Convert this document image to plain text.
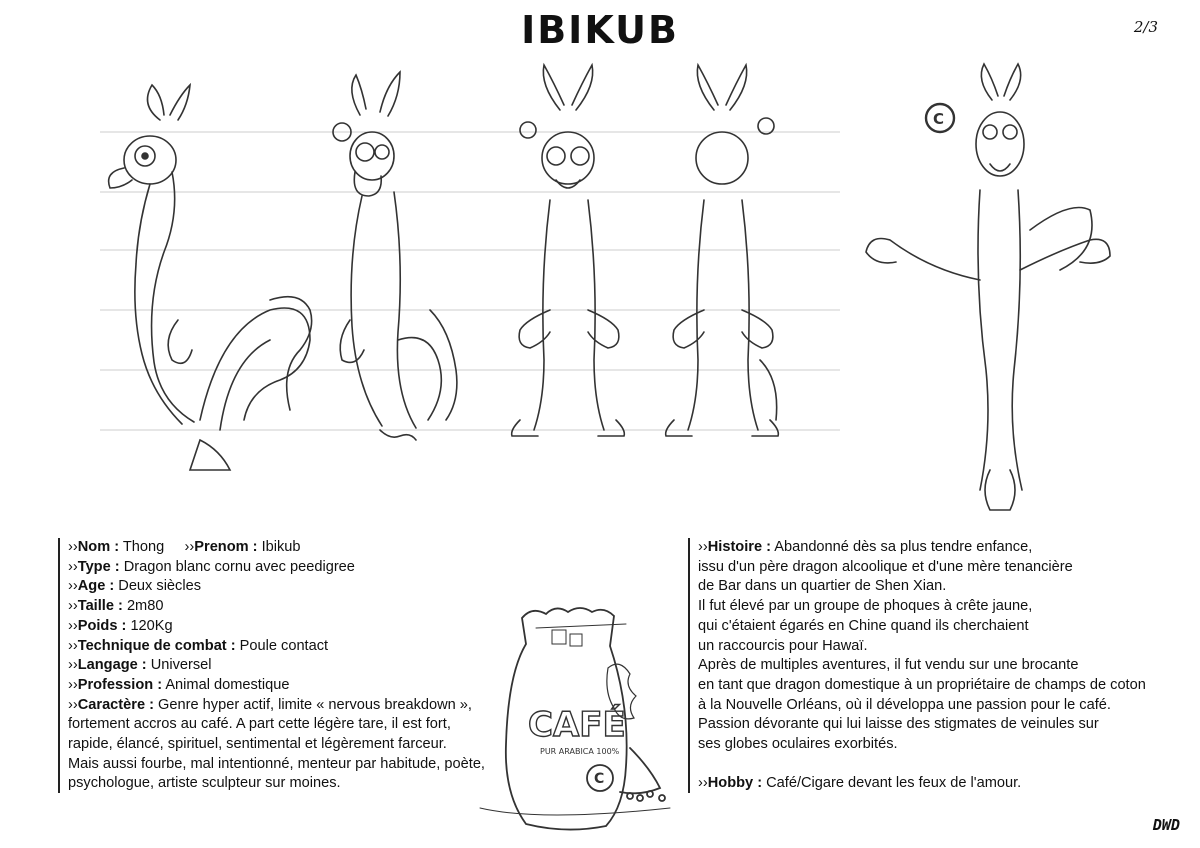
IBIKUB	2/3
C
››Nom : Thong ››Prenom : Ibikub
››Type : Dragon blanc cornu avec peedigree
››Age : Deux siècles
››Taille : 2m80
››Poids : 120Kg
››Technique de combat : Poule contact
››Langage : Universel
››Profession : Animal domestique
››Caractère : Genre hyper actif, limite « nervous breakdown »,
fortement accros au café. A part cette légère tare, il est fort,
rapide, élancé, spirituel, sentimental et légèrement farceur.
Mais aussi fourbe, mal intentionné, menteur par habitude, poète,
psychologue, artiste sculpteur sur moines.
CAFÉ
PUR ARABICA 100%
C
››Histoire : Abandonné dès sa plus tendre enfance,
issu d'un père dragon alcoolique et d'une mère tenancière
de Bar dans un quartier de Shen Xian.
Il fut élevé par un groupe de phoques à crête jaune,
qui c'étaient égarés en Chine quand ils cherchaient
un raccourcis pour Hawaï.
Après de multiples aventures, il fut vendu sur une brocante
en tant que dragon domestique à un propriétaire de champs de coton
à la Nouvelle Orléans, où il développa une passion pour le café.
Passion dévorante qui lui laisse des stigmates de veinules sur
ses globes oculaires exorbités.

››Hobby : Café/Cigare devant les feux de l'amour.
DWD
